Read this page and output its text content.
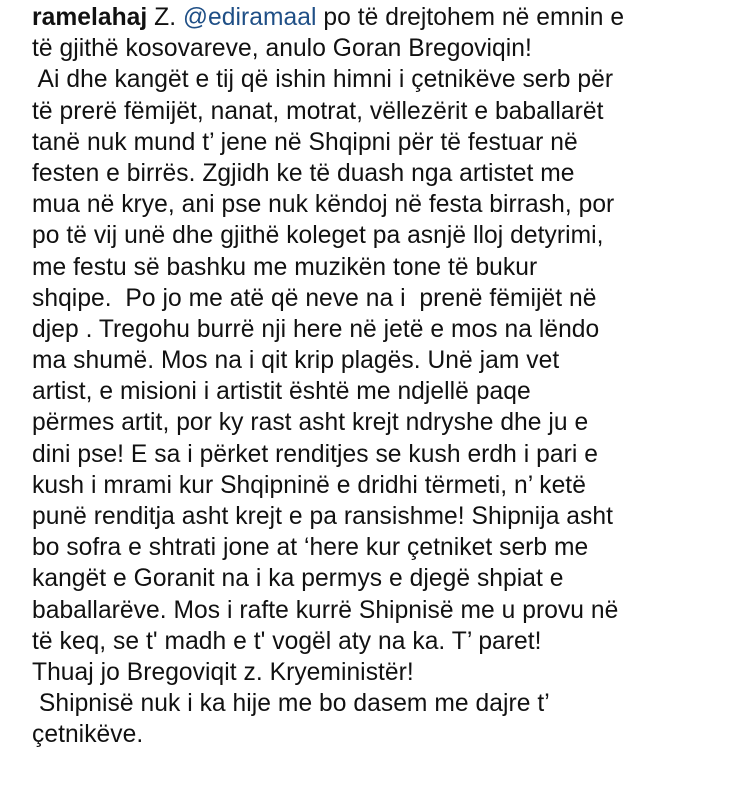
ramelahaj Z. @ediramaal po të drejtohem në emnin e
të gjithë kosovareve, anulo Goran Bregoviqin!
Ai dhe kangët e tij që ishin himni i çetnikëve serb për
të prerë fëmijët, nanat, motrat, vëllezërit e baballarët
tanë nuk mund t’ jene në Shqipni për të festuar në
festen e birrës. Zgjidh ke të duash nga artistet me
mua në krye, ani pse nuk këndoj në festa birrash, por
po të vij unë dhe gjithë koleget pa asnjë lloj detyrimi,
me festu së bashku me muzikën tone të bukur
shqipe.  Po jo me atë që neve na i  prenë fëmijët në
djep . Tregohu burrë nji here në jetë e mos na lëndo
ma shumë. Mos na i qit krip plagës. Unë jam vet
artist, e misioni i artistit është me ndjellë paqe
përmes artit, por ky rast asht krejt ndryshe dhe ju e
dini pse! E sa i përket renditjes se kush erdh i pari e
kush i mrami kur Shqipninë e dridhi tërmeti, n’ ketë
punë renditja asht krejt e pa ransishme! Shipnija asht
bo sofra e shtrati jone at ‘here kur çetniket serb me
kangët e Goranit na i ka permys e djegë shpiat e
baballarëve. Mos i rafte kurrë Shipnisë me u provu në
të keq, se t' madh e t' vogël aty na ka. T’ paret!
Thuaj jo Bregoviqit z. Kryeministër!
Shipnisë nuk i ka hije me bo dasem me dajre t’
çetnikëve.
